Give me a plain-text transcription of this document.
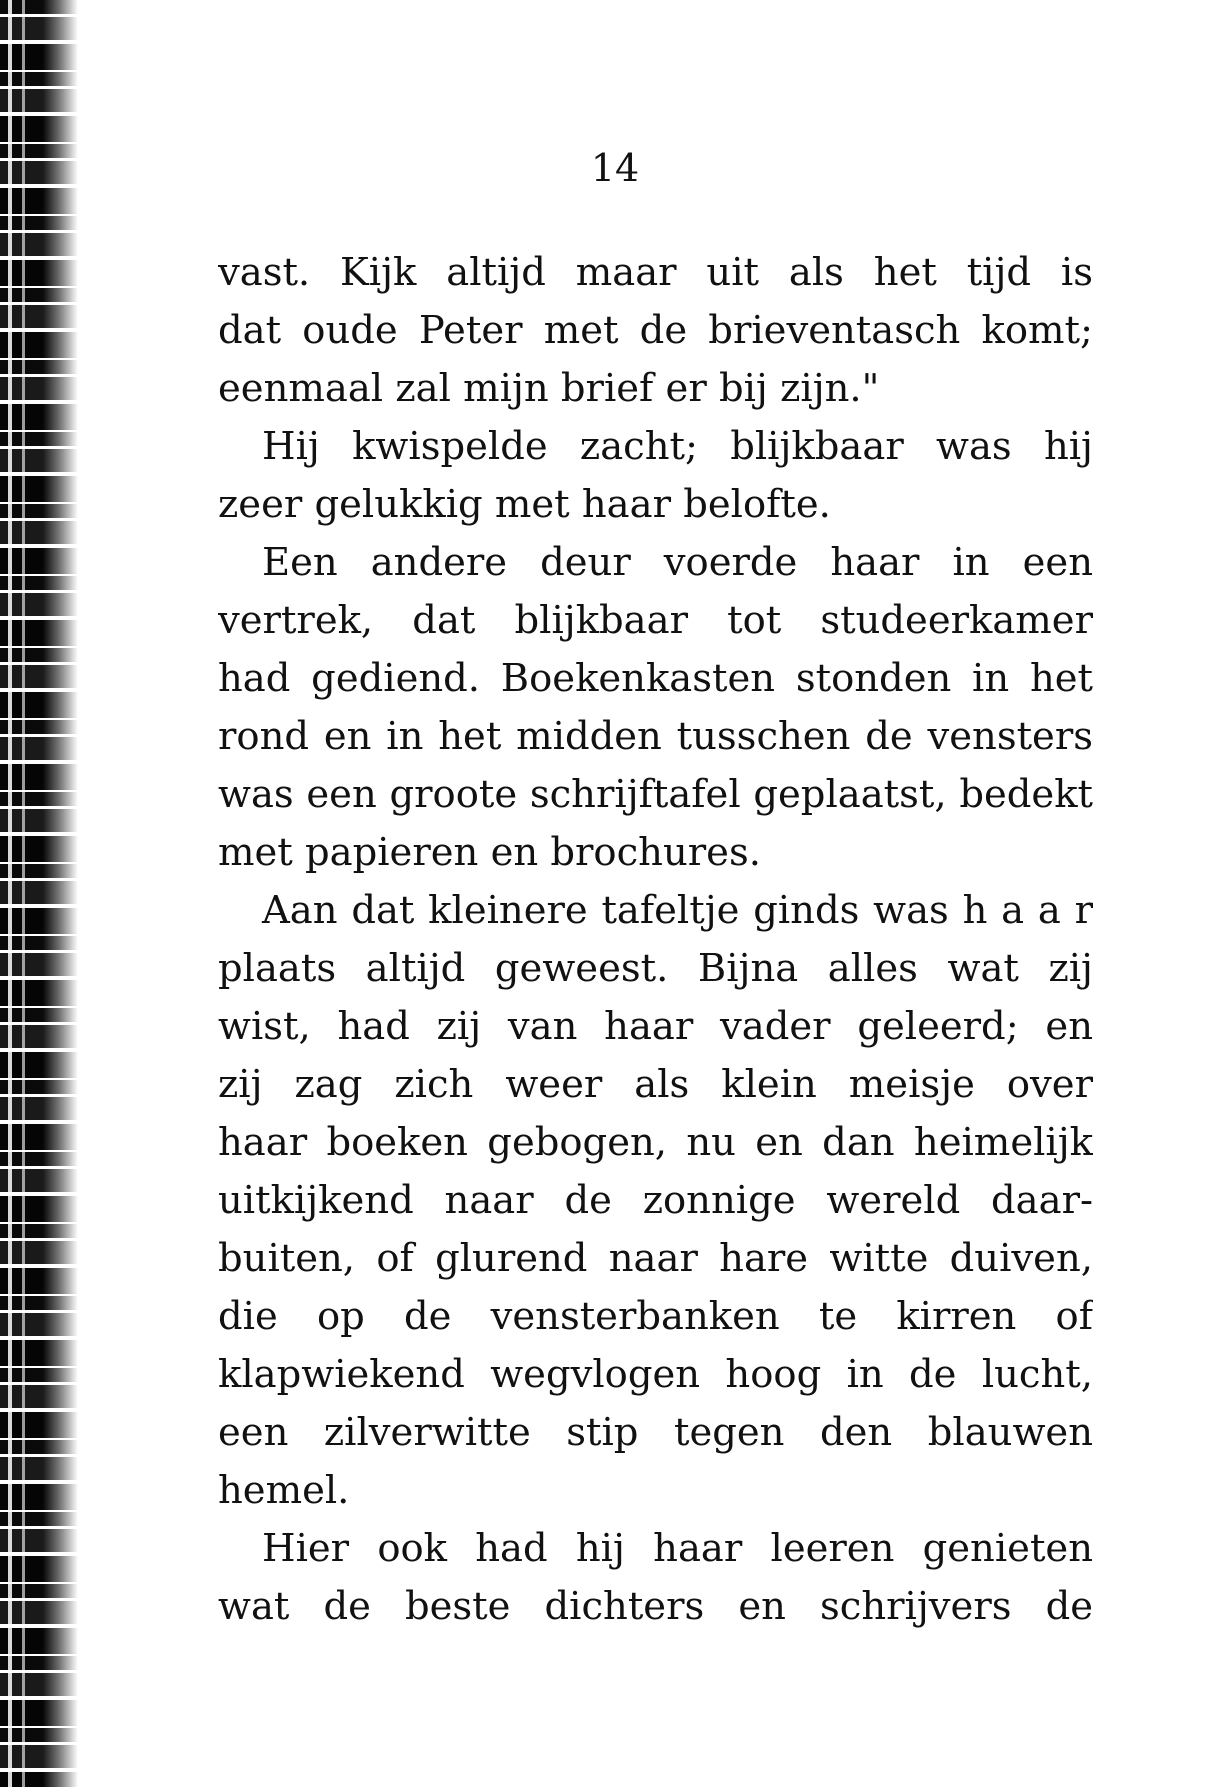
14
vast. Kijk altijd maar uit als het tijd is
dat oude Peter met de brieventasch komt;
eenmaal zal mijn brief er bij zijn."
Hij kwispelde zacht; blijkbaar was hij
zeer gelukkig met haar belofte.
Een andere deur voerde haar in een
vertrek, dat blijkbaar tot studeerkamer
had gediend. Boekenkasten stonden in het
rond en in het midden tusschen de vensters
was een groote schrijftafel geplaatst, bedekt
met papieren en brochures.
Aan dat kleinere tafeltje ginds was h a a r
plaats altijd geweest. Bijna alles wat zij
wist, had zij van haar vader geleerd; en
zij zag zich weer als klein meisje over
haar boeken gebogen, nu en dan heimelijk
uitkijkend naar de zonnige wereld daar-
buiten, of glurend naar hare witte duiven,
die op de vensterbanken te kirren of
klapwiekend wegvlogen hoog in de lucht,
een zilverwitte stip tegen den blauwen
hemel.
Hier ook had hij haar leeren genieten
wat de beste dichters en schrijvers de
